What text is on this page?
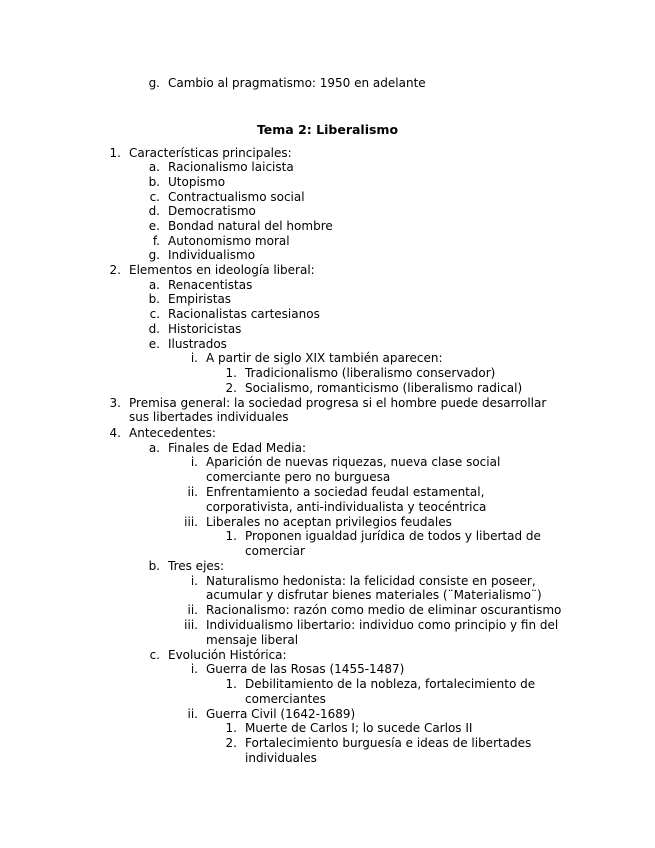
g. Cambio al pragmatismo: 1950 en adelante
Tema 2: Liberalismo
1. Características principales:
a. Racionalismo laicista
b. Utopismo
c. Contractualismo social
d. Democratismo
e. Bondad natural del hombre
f. Autonomismo moral
g. Individualismo
2. Elementos en ideología liberal:
a. Renacentistas
b. Empiristas
c. Racionalistas cartesianos
d. Historicistas
e. Ilustrados
i. A partir de siglo XIX también aparecen:
1. Tradicionalismo (liberalismo conservador)
2. Socialismo, romanticismo (liberalismo radical)
3. Premisa general: la sociedad progresa si el hombre puede desarrollar
sus libertades individuales
4. Antecedentes:
a. Finales de Edad Media:
i. Aparición de nuevas riquezas, nueva clase social
comerciante pero no burguesa
ii. Enfrentamiento a sociedad feudal estamental,
corporativista, anti-individualista y teocéntrica
iii. Liberales no aceptan privilegios feudales
1. Proponen igualdad jurídica de todos y libertad de
comerciar
b. Tres ejes:
i. Naturalismo hedonista: la felicidad consiste en poseer,
acumular y disfrutar bienes materiales (¨Materialismo¨)
ii. Racionalismo: razón como medio de eliminar oscurantismo
iii. Individualismo libertario: individuo como principio y fin del
mensaje liberal
c. Evolución Histórica:
i. Guerra de las Rosas (1455-1487)
1. Debilitamiento de la nobleza, fortalecimiento de
comerciantes
ii. Guerra Civil (1642-1689)
1. Muerte de Carlos I; lo sucede Carlos II
2. Fortalecimiento burguesía e ideas de libertades
individuales
